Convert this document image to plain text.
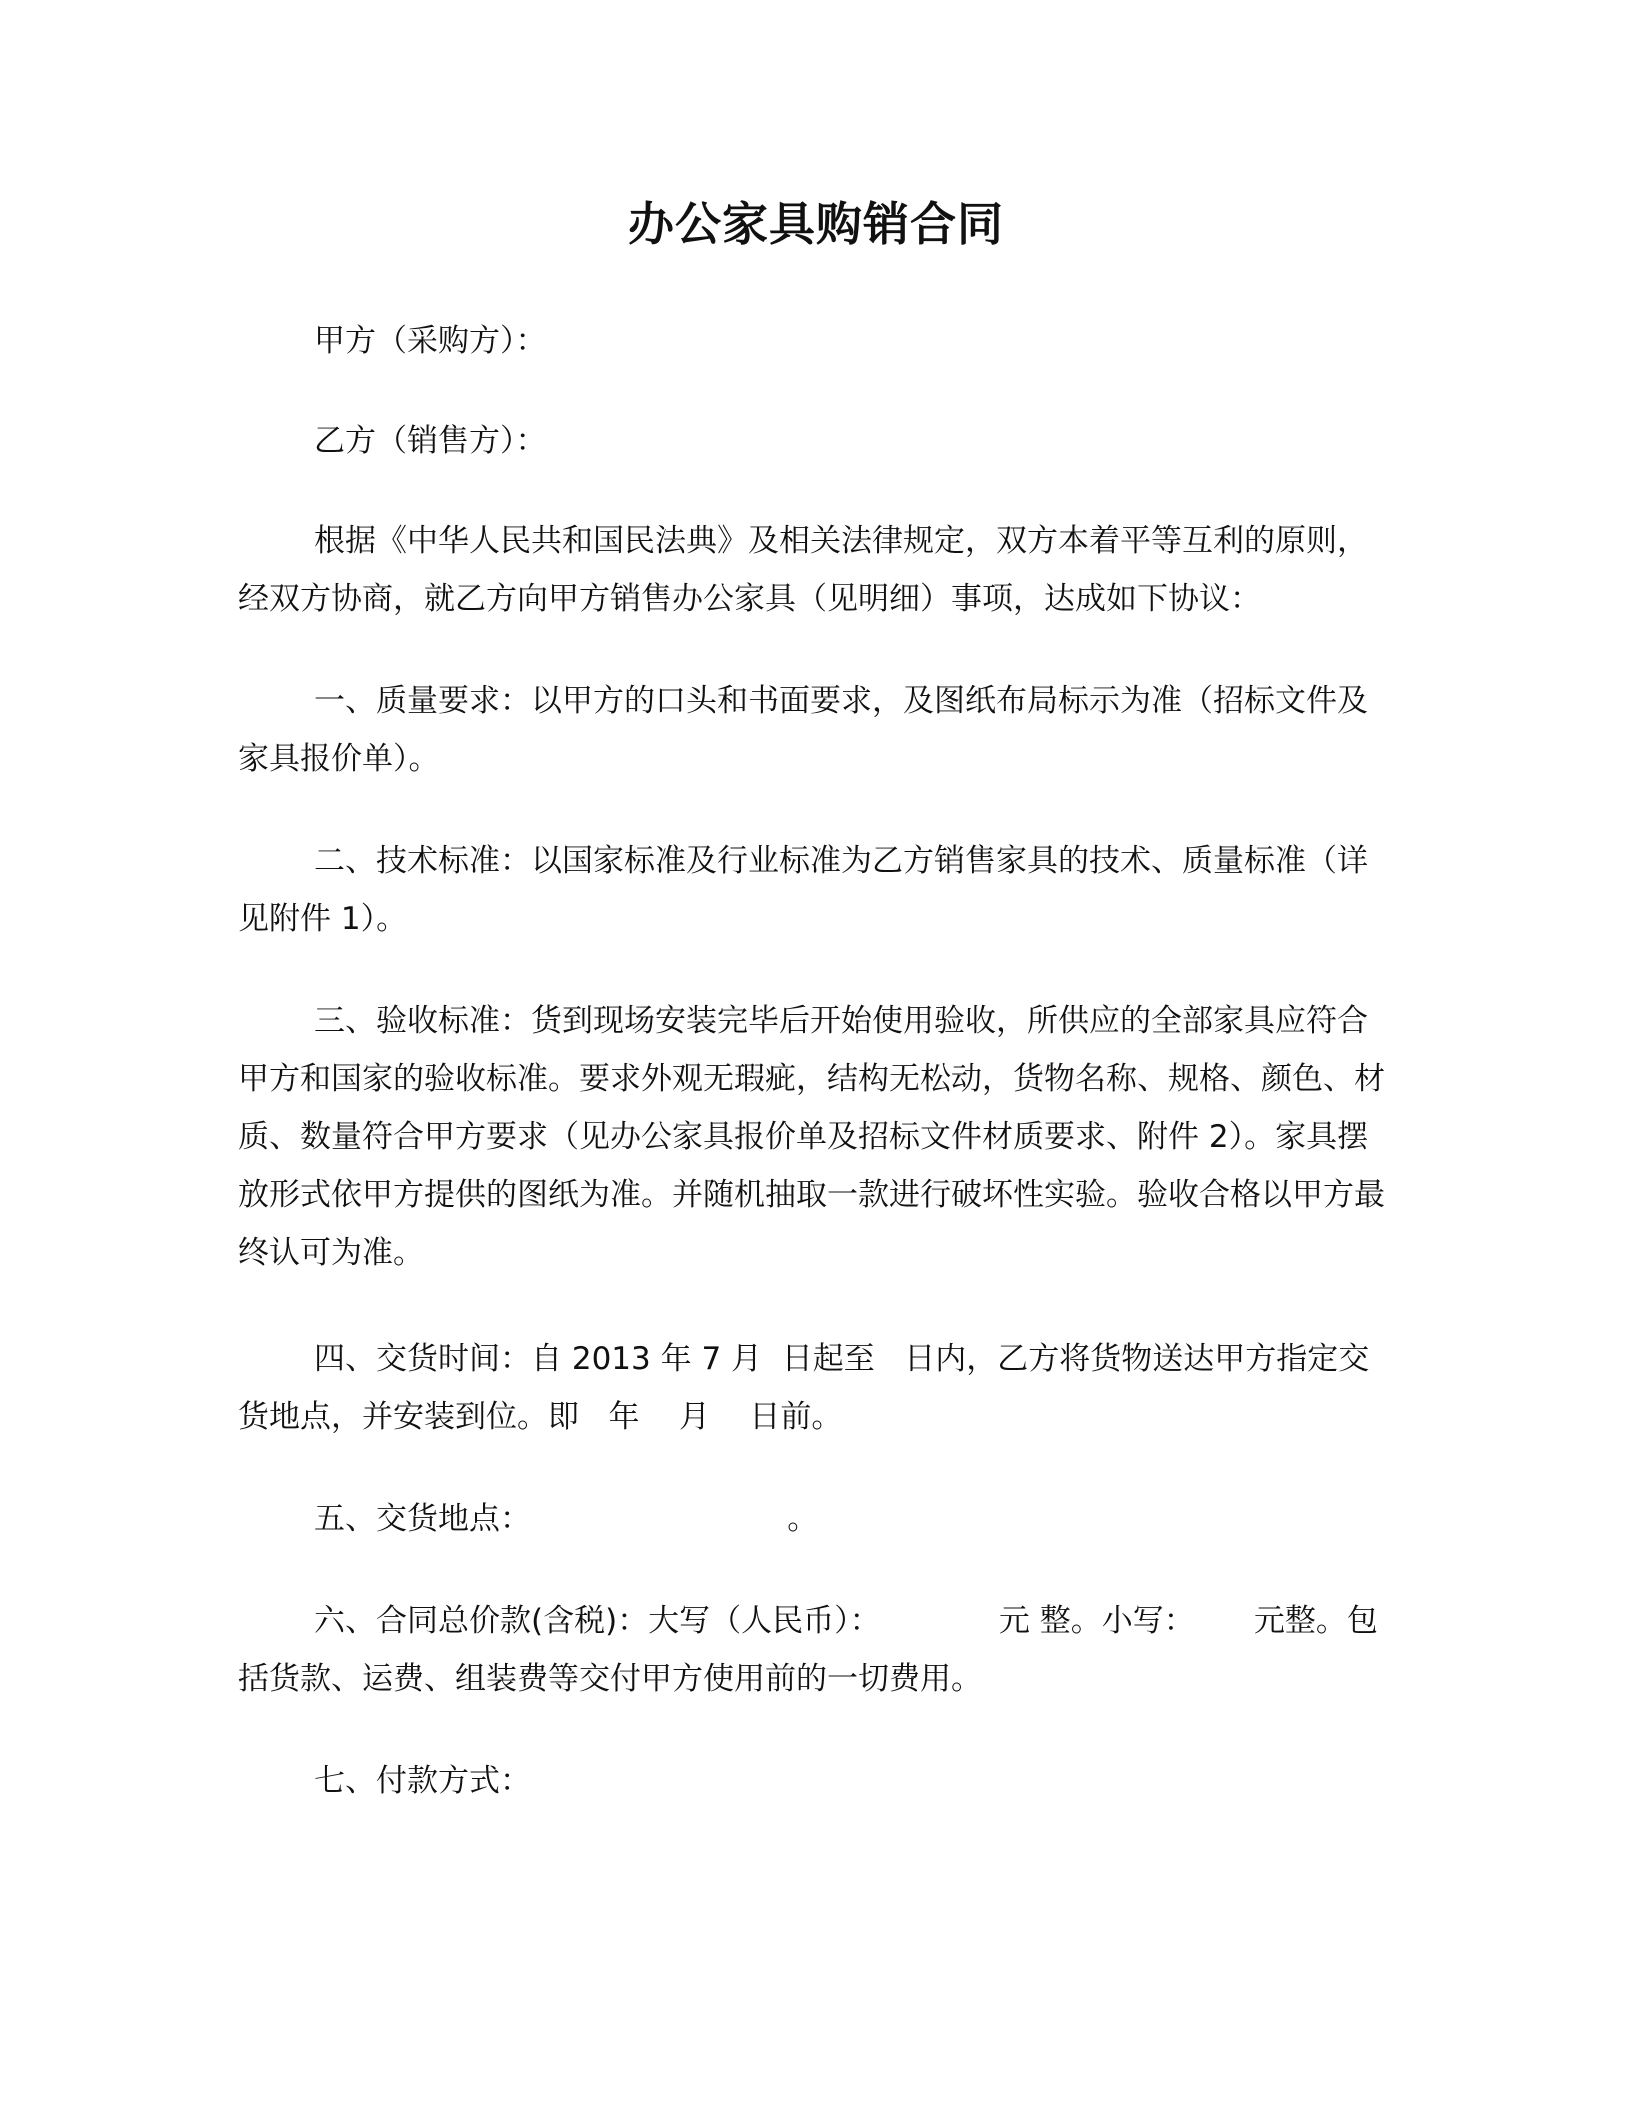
办公家具购销合同

甲方（采购方）：

乙方（销售方）：

根据《中华人民共和国民法典》及相关法律规定，双方本着平等互利的原则，经双方协商，就乙方向甲方销售办公家具（见明细）事项，达成如下协议：

一、质量要求：以甲方的口头和书面要求，及图纸布局标示为准（招标文件及家具报价单）。

二、技术标准：以国家标准及行业标准为乙方销售家具的技术、质量标准（详见附件 1）。

三、验收标准：货到现场安装完毕后开始使用验收，所供应的全部家具应符合甲方和国家的验收标准。要求外观无瑕疵，结构无松动，货物名称、规格、颜色、材质、数量符合甲方要求（见办公家具报价单及招标文件材质要求、附件 2）。家具摆放形式依甲方提供的图纸为准。并随机抽取一款进行破坏性实验。验收合格以甲方最终认可为准。

四、交货时间：自 2013 年 7 月  日起至   日内，乙方将货物送达甲方指定交货地点，并安装到位。即   年    月    日前。

五、交货地点：                          。

六、合同总价款(含税)：大写（人民币）：            元 整。小写：      元整。包括货款、运费、组装费等交付甲方使用前的一切费用。

七、付款方式：
